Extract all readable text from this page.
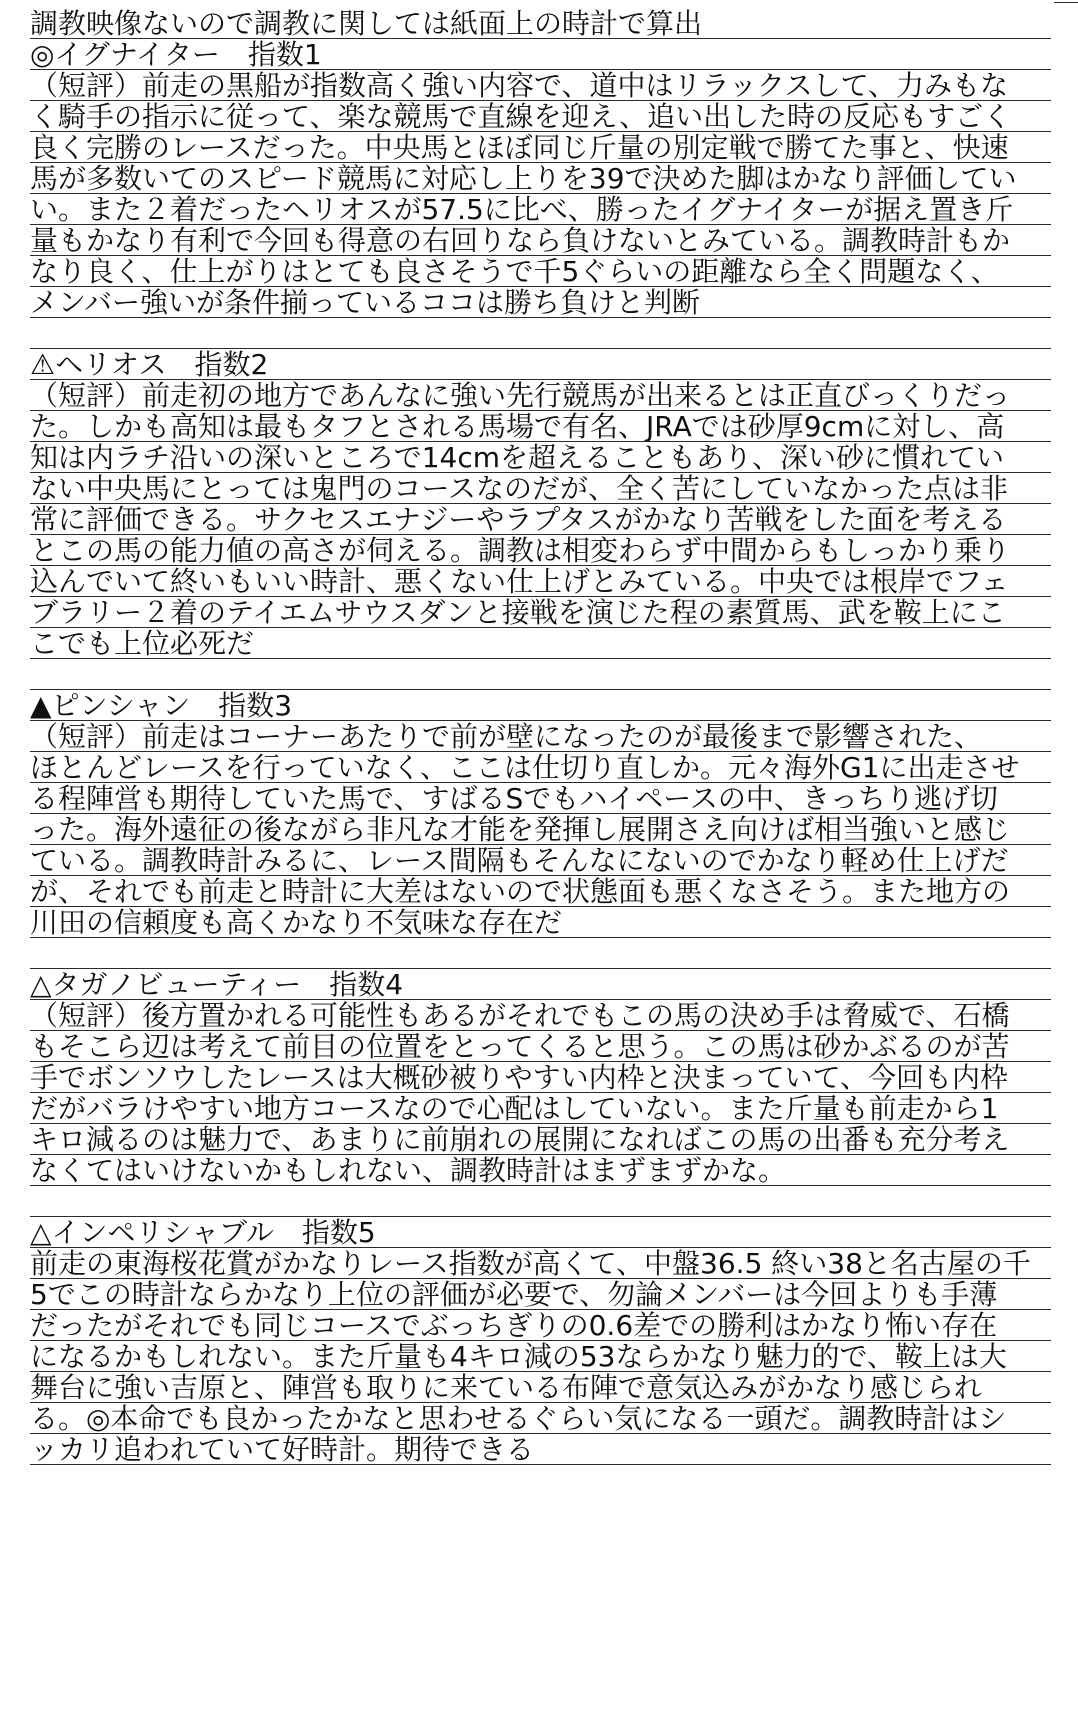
調教映像ないので調教に関しては紙面上の時計で算出
◎イグナイター　指数1
（短評）前走の黒船が指数高く強い内容で、道中はリラックスして、力みもな
く騎手の指示に従って、楽な競馬で直線を迎え、追い出した時の反応もすごく
良く完勝のレースだった。中央馬とほぼ同じ斤量の別定戦で勝てた事と、快速
馬が多数いてのスピード競馬に対応し上りを39で決めた脚はかなり評価してい
い。また２着だったヘリオスが57.5に比べ、勝ったイグナイターが据え置き斤
量もかなり有利で今回も得意の右回りなら負けないとみている。調教時計もか
なり良く、仕上がりはとても良さそうで千5ぐらいの距離なら全く問題なく、
メンバー強いが条件揃っているココは勝ち負けと判断
⚠ヘリオス　指数2
（短評）前走初の地方であんなに強い先行競馬が出来るとは正直びっくりだっ
た。しかも高知は最もタフとされる馬場で有名、JRAでは砂厚9cmに対し、高
知は内ラチ沿いの深いところで14cmを超えることもあり、深い砂に慣れてい
ない中央馬にとっては鬼門のコースなのだが、全く苦にしていなかった点は非
常に評価できる。サクセスエナジーやラプタスがかなり苦戦をした面を考える
とこの馬の能力値の高さが伺える。調教は相変わらず中間からもしっかり乗り
込んでいて終いもいい時計、悪くない仕上げとみている。中央では根岸でフェ
ブラリー２着のテイエムサウスダンと接戦を演じた程の素質馬、武を鞍上にこ
こでも上位必死だ
▲ピンシャン　指数3
（短評）前走はコーナーあたりで前が壁になったのが最後まで影響された、
ほとんどレースを行っていなく、ここは仕切り直しか。元々海外G1に出走させ
る程陣営も期待していた馬で、すばるSでもハイペースの中、きっちり逃げ切
った。海外遠征の後ながら非凡な才能を発揮し展開さえ向けば相当強いと感じ
ている。調教時計みるに、レース間隔もそんなにないのでかなり軽め仕上げだ
が、それでも前走と時計に大差はないので状態面も悪くなさそう。また地方の
川田の信頼度も高くかなり不気味な存在だ
△タガノビューティー　指数4
（短評）後方置かれる可能性もあるがそれでもこの馬の決め手は脅威で、石橋
もそこら辺は考えて前目の位置をとってくると思う。この馬は砂かぶるのが苦
手でボンソウしたレースは大概砂被りやすい内枠と決まっていて、今回も内枠
だがバラけやすい地方コースなので心配はしていない。また斤量も前走から1
キロ減るのは魅力で、あまりに前崩れの展開になればこの馬の出番も充分考え
なくてはいけないかもしれない、調教時計はまずまずかな。
△インペリシャブル　指数5
前走の東海桜花賞がかなりレース指数が高くて、中盤36.5 終い38と名古屋の千
5でこの時計ならかなり上位の評価が必要で、勿論メンバーは今回よりも手薄
だったがそれでも同じコースでぶっちぎりの0.6差での勝利はかなり怖い存在
になるかもしれない。また斤量も4キロ減の53ならかなり魅力的で、鞍上は大
舞台に強い吉原と、陣営も取りに来ている布陣で意気込みがかなり感じられ
る。◎本命でも良かったかなと思わせるぐらい気になる一頭だ。調教時計はシ
ッカリ追われていて好時計。期待できる
